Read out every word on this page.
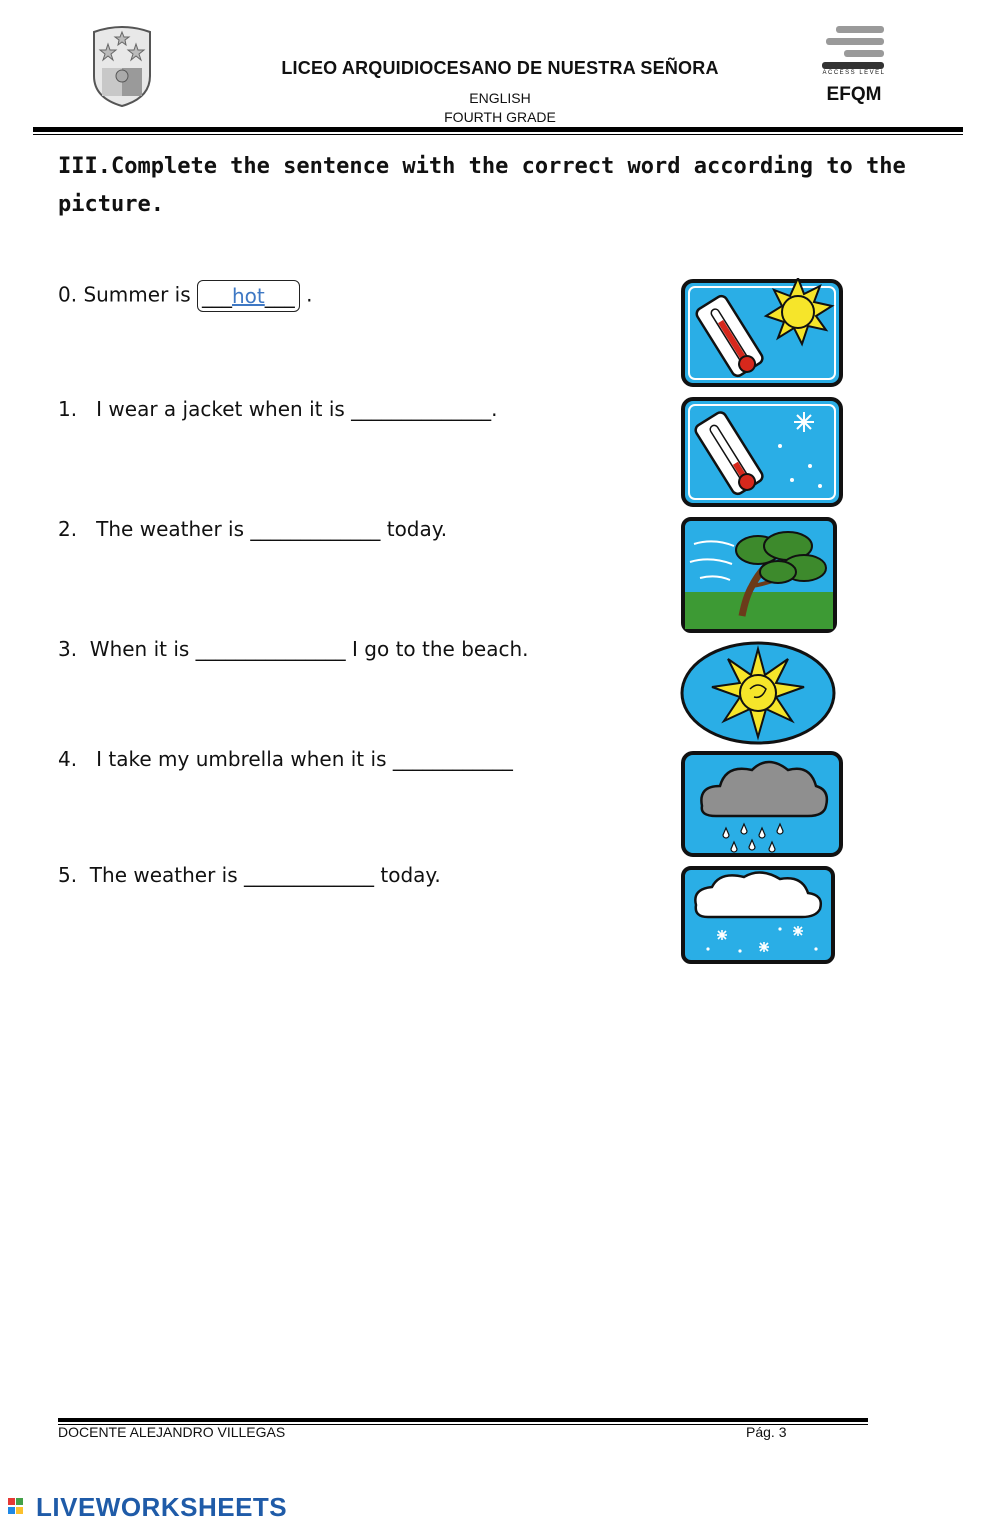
LICEO ARQUIDIOCESANO DE NUESTRA SEÑORA
ENGLISH
FOURTH GRADE
ACCESS LEVEL
EFQM
III.Complete the sentence with the correct word according to the picture.
0. Summer is ___hot___ .
1.   I wear a jacket when it is ______________.
2.   The weather is _____________ today.
3.  When it is _______________ I go to the beach.
4.   I take my umbrella when it is ____________
5.  The weather is _____________ today.
DOCENTE ALEJANDRO VILLEGAS	Pág. 3
LIVEWORKSHEETS
